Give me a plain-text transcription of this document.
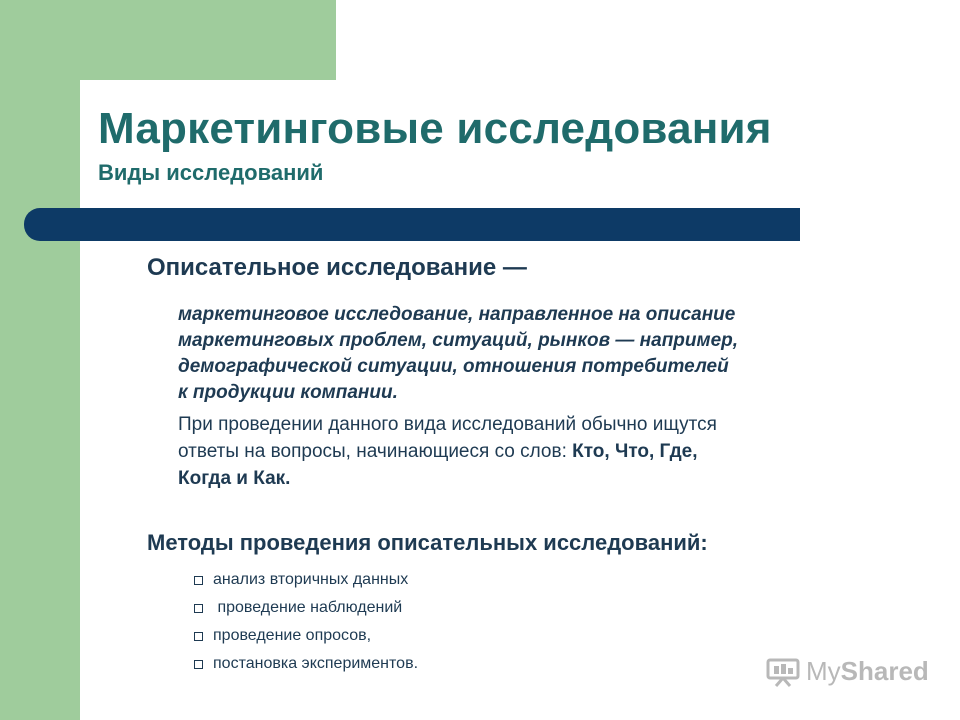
Маркетинговые исследования
Виды исследований
Описательное исследование —
маркетинговое исследование, направленное на описание
маркетинговых проблем, ситуаций, рынков — например,
демографической ситуации, отношения потребителей
к продукции компании.
При проведении данного вида исследований обычно ищутся
ответы на вопросы, начинающиеся со слов: Кто, Что, Где,
Когда и Как.
Методы проведения описательных исследований:
анализ вторичных данных
проведение наблюдений
проведение опросов,
постановка экспериментов.	MyShared
